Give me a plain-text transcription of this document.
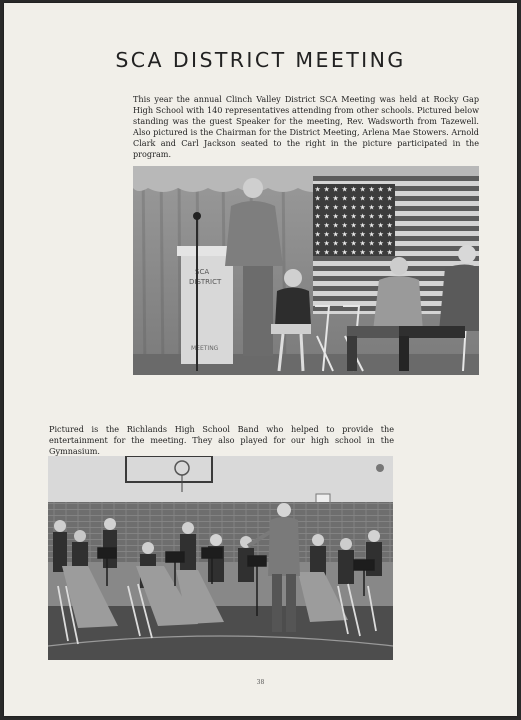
SCA DISTRICT MEETING

This year the annual Clinch Valley District SCA Meeting was held at Rocky Gap High School with 140 representatives attending from other schools. Pictured below standing was the guest Speaker for the meeting, Rev. Wadsworth from Tazewell. Also pictured is the Chairman for the District Meeting, Arlena Mae Stowers. Arnold Clark and Carl Jackson seated to the right in the picture participated in the program.

SCA
DISTRICT
MEETING

Pictured is the Richlands High School Band who helped to provide the entertainment for the meeting. They also played for our high school in the Gymnasium.

38
